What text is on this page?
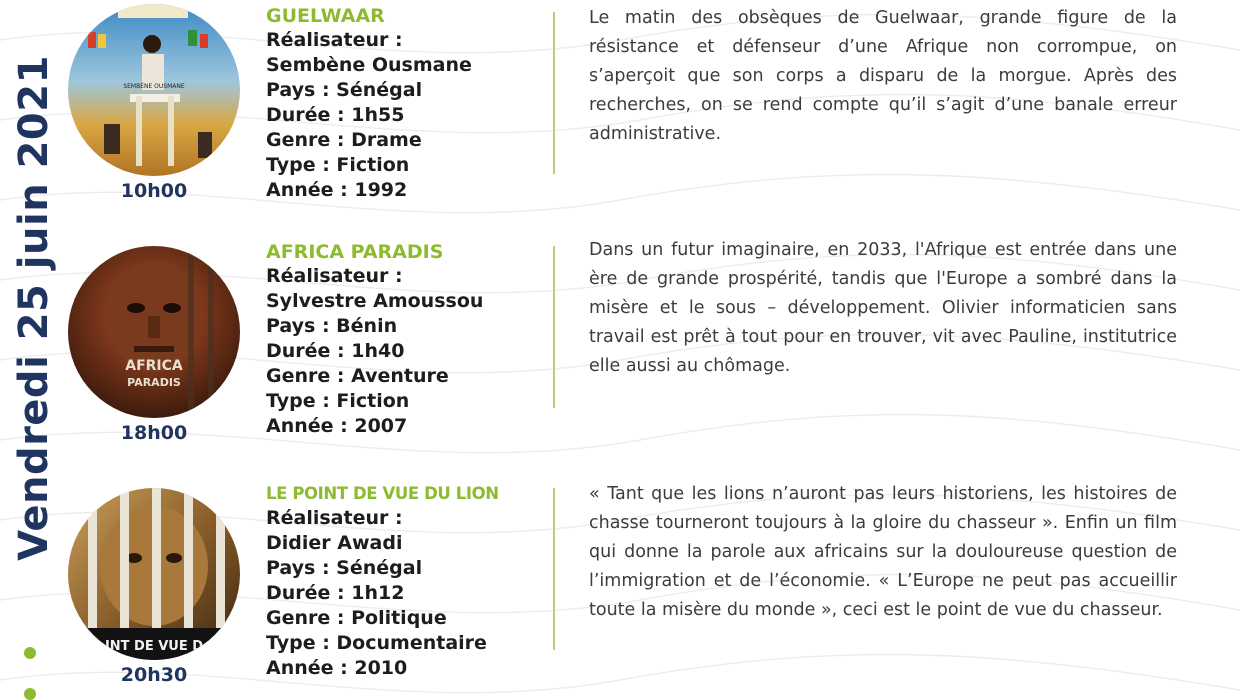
Vendredi 25 juin 2021	SEMBÈNE OUSMANE
10h00
GUELWAAR
Réalisateur :
Sembène Ousmane
Pays : Sénégal
Durée : 1h55
Genre : Drame
Type : Fiction
Année : 1992
Le matin des obsèques de Guelwaar, grande figure de la résistance et défenseur d’une Afrique non corrompue, on s’aperçoit que son corps a disparu de la morgue. Après des recherches, on se rend compte qu’il s’agit d’une banale erreur administrative.
AFRICA
PARADIS
18h00
AFRICA PARADIS
Réalisateur :
Sylvestre Amoussou
Pays : Bénin
Durée : 1h40
Genre : Aventure
Type : Fiction
Année : 2007
Dans un futur imaginaire, en 2033, l'Afrique est entrée dans une ère de grande prospérité, tandis que l'Europe a sombré dans la misère et le sous – développement. Olivier informaticien sans travail est prêt à tout pour en trouver, vit avec Pauline, institutrice elle aussi au chômage.
INT DE VUE D
20h30
LE POINT DE VUE DU LION
Réalisateur :
Didier Awadi
Pays : Sénégal
Durée : 1h12
Genre : Politique
Type : Documentaire
Année : 2010
« Tant que les lions n’auront pas leurs historiens, les histoires de chasse tourneront toujours à la gloire du chasseur ». Enfin un film qui donne la parole aux africains sur la douloureuse question de l’immigration et de l’économie. « L’Europe ne peut pas accueillir toute la misère du monde », ceci est le point de vue du chasseur.
